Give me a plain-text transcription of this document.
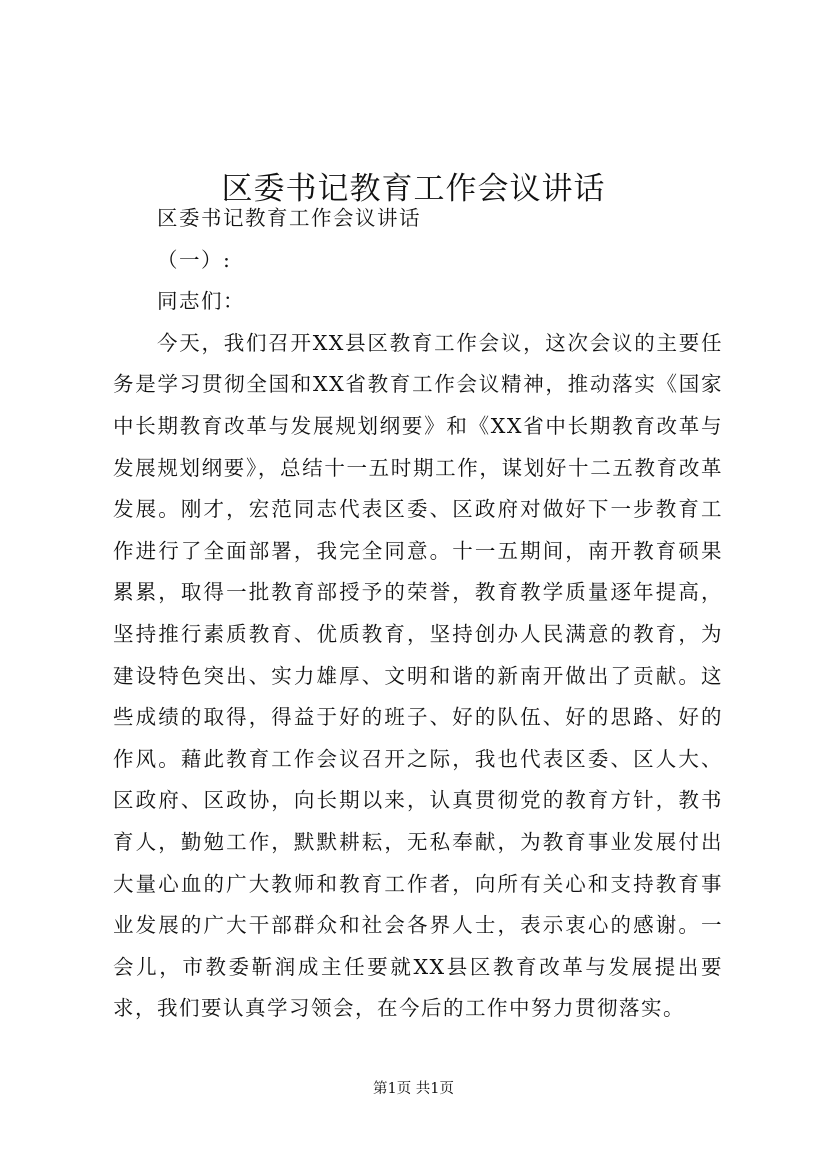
区委书记教育工作会议讲话

区委书记教育工作会议讲话

（一）:

同志们：

今天，我们召开XX县区教育工作会议，这次会议的主要任务是学习贯彻全国和XX省教育工作会议精神，推动落实《国家中长期教育改革与发展规划纲要》和《XX省中长期教育改革与发展规划纲要》，总结十一五时期工作，谋划好十二五教育改革发展。刚才，宏范同志代表区委、区政府对做好下一步教育工作进行了全面部署，我完全同意。十一五期间，南开教育硕果累累，取得一批教育部授予的荣誉，教育教学质量逐年提高，坚持推行素质教育、优质教育，坚持创办人民满意的教育，为建设特色突出、实力雄厚、文明和谐的新南开做出了贡献。这些成绩的取得，得益于好的班子、好的队伍、好的思路、好的作风。藉此教育工作会议召开之际，我也代表区委、区人大、区政府、区政协，向长期以来，认真贯彻党的教育方针，教书育人，勤勉工作，默默耕耘，无私奉献，为教育事业发展付出大量心血的广大教师和教育工作者，向所有关心和支持教育事业发展的广大干部群众和社会各界人士，表示衷心的感谢。一会儿，市教委靳润成主任要就XX县区教育改革与发展提出要求，我们要认真学习领会，在今后的工作中努力贯彻落实。

第1页 共1页
